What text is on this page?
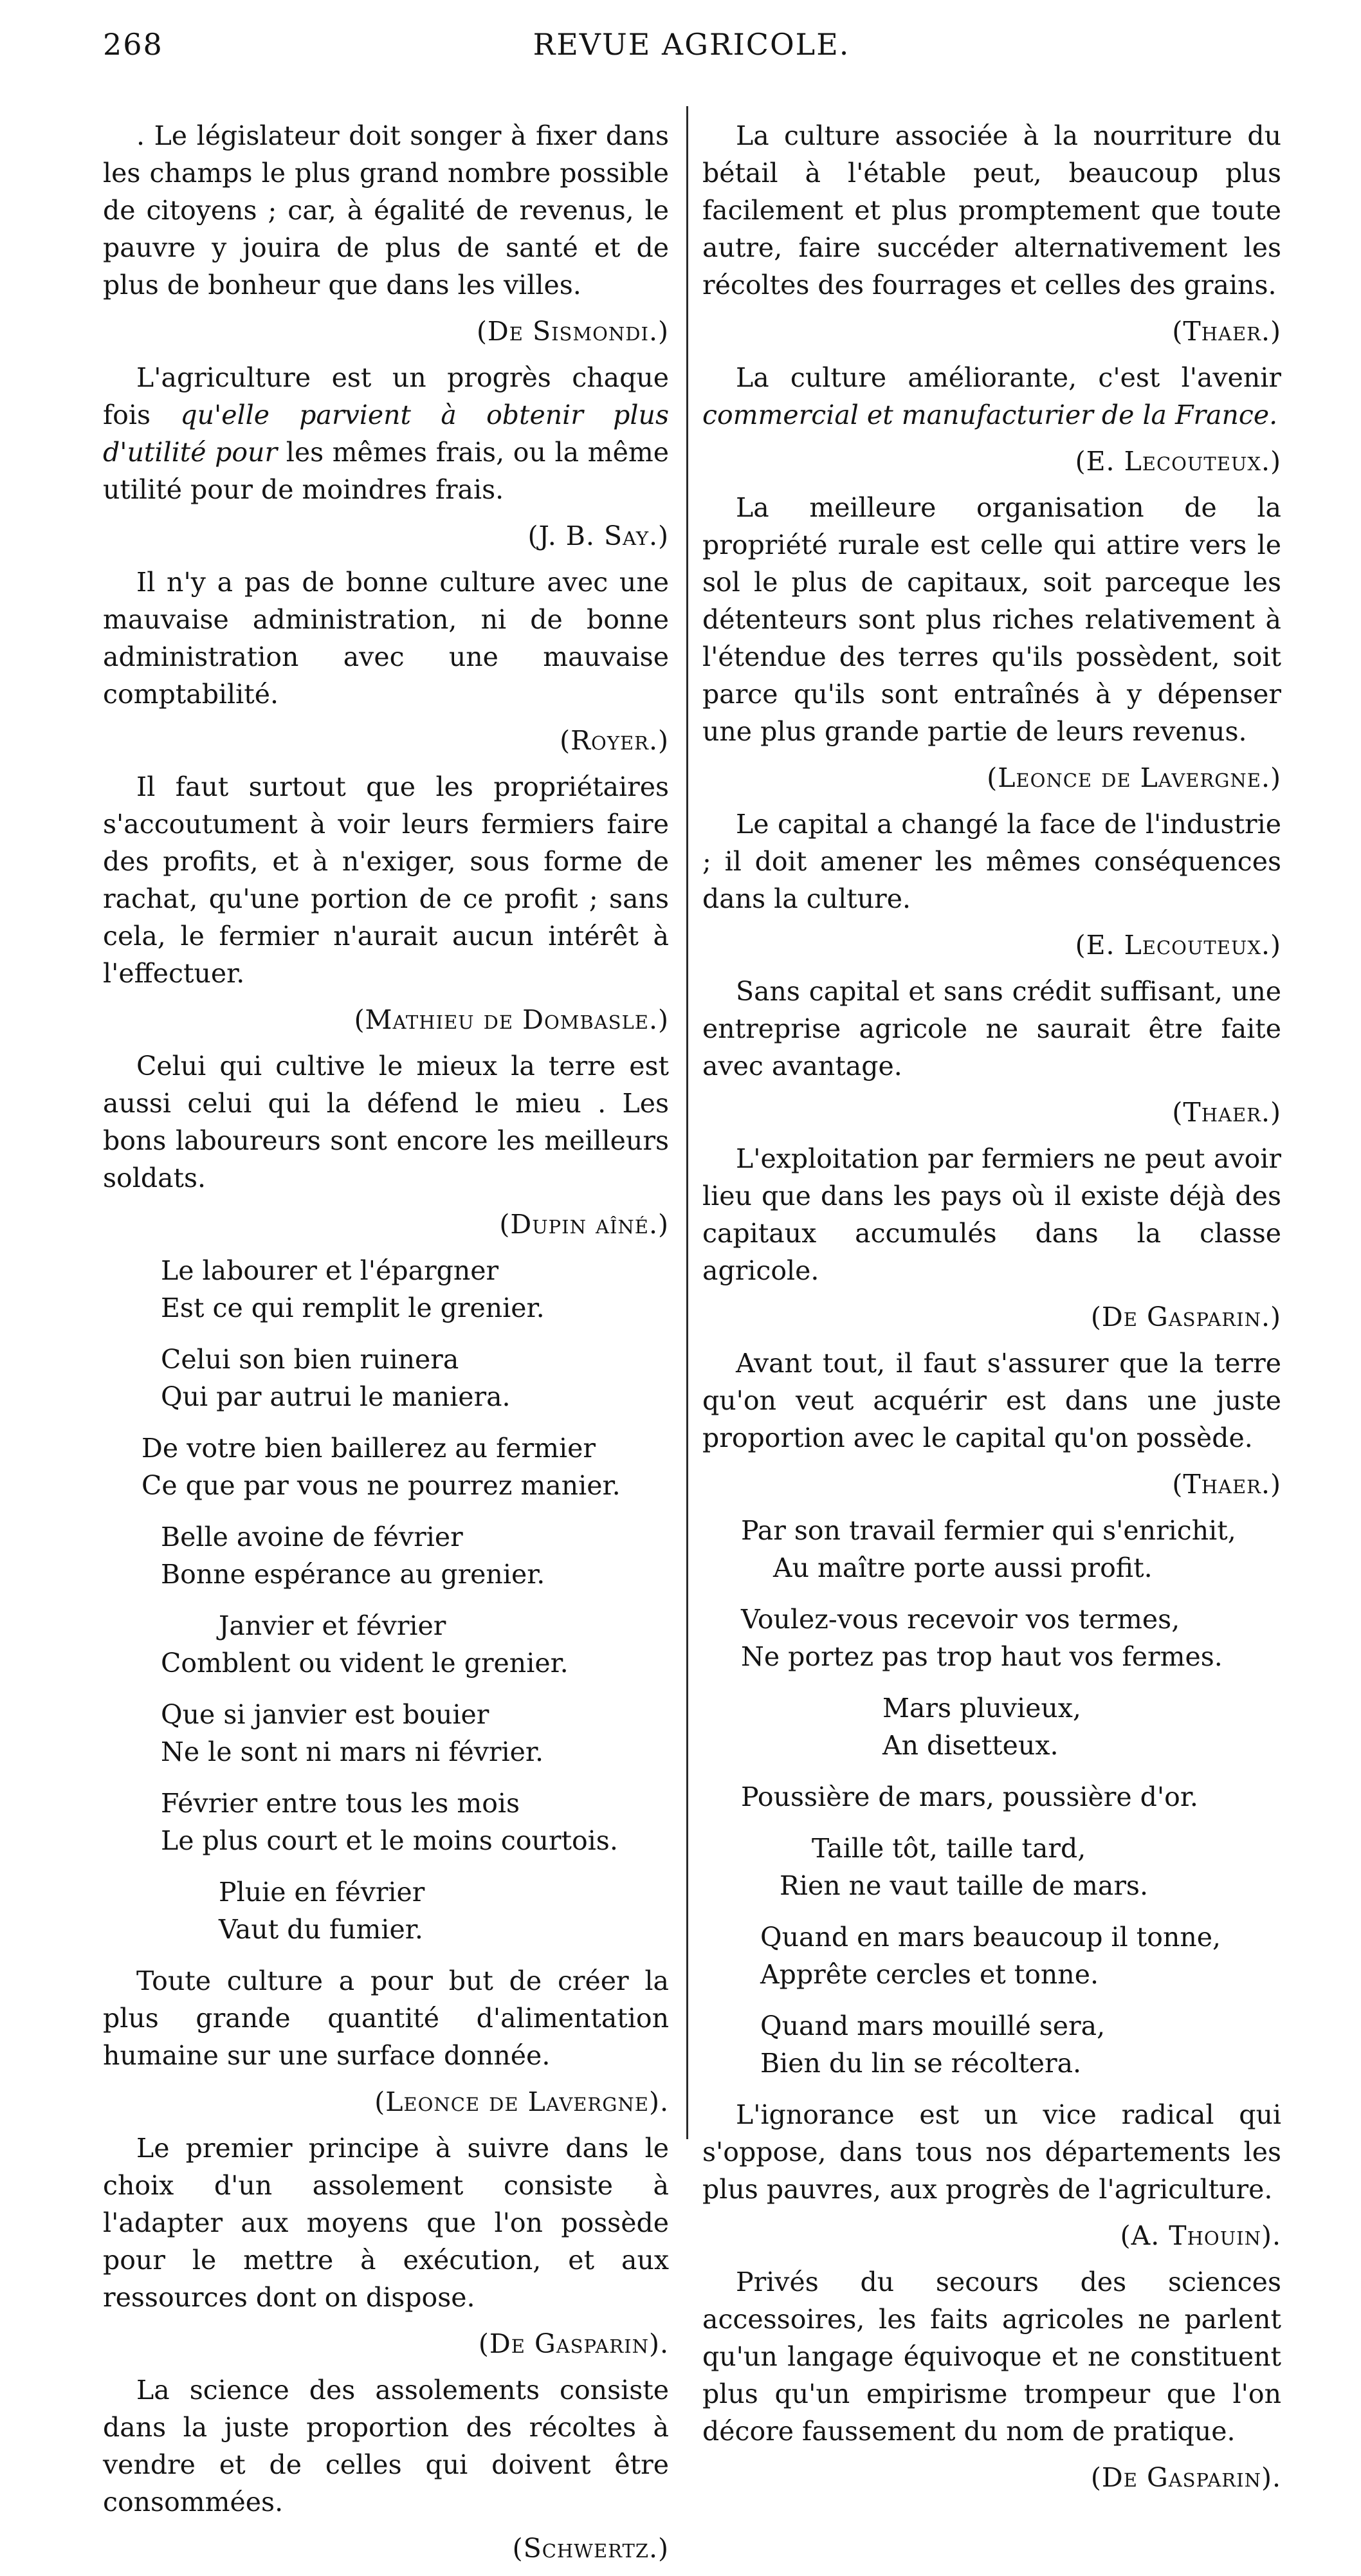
268	REVUE AGRICOLE.

. Le législateur doit songer à fixer dans les champs le plus grand nombre possible de citoyens ; car, à égalité de revenus, le pauvre y jouira de plus de santé et de plus de bonheur que dans les villes.

(De Sismondi.)

L'agriculture est un progrès chaque fois qu'elle parvient à obtenir plus d'utilité pour les mêmes frais, ou la même utilité pour de moindres frais.

(J. B. Say.)

Il n'y a pas de bonne culture avec une mauvaise administration, ni de bonne administration avec une mauvaise comptabilité.

(Royer.)

Il faut surtout que les propriétaires s'accoutument à voir leurs fermiers faire des profits, et à n'exiger, sous forme de rachat, qu'une portion de ce profit ; sans cela, le fermier n'aurait aucun intérêt à l'effectuer.

(Mathieu de Dombasle.)

Celui qui cultive le mieux la terre est aussi celui qui la défend le mieu . Les bons laboureurs sont encore les meilleurs soldats.

(Dupin aîné.)
Le labourer et l'épargner
Est ce qui remplit le grenier.
Celui son bien ruinera
Qui par autrui le maniera.
De votre bien baillerez au fermier
Ce que par vous ne pourrez manier.
Belle avoine de février
Bonne espérance au grenier.
Janvier et février
Comblent ou vident le grenier.
Que si janvier est bouier
Ne le sont ni mars ni février.
Février entre tous les mois
Le plus court et le moins courtois.
Pluie en février
Vaut du fumier.

Toute culture a pour but de créer la plus grande quantité d'alimentation humaine sur une surface donnée.

(Leonce de Lavergne).

Le premier principe à suivre dans le choix d'un assolement consiste à l'adapter aux moyens que l'on possède pour le mettre à exécution, et aux ressources dont on dispose.

(De Gasparin).

La science des assolements consiste dans la juste proportion des récoltes à vendre et de celles qui doivent être consommées.

(Schwertz.)

La culture associée à la nourriture du bétail à l'étable peut, beaucoup plus facilement et plus promptement que toute autre, faire succéder alternativement les récoltes des fourrages et celles des grains.

(Thaer.)

La culture améliorante, c'est l'avenir commercial et manufacturier de la France.

(E. Lecouteux.)

La meilleure organisation de la propriété rurale est celle qui attire vers le sol le plus de capitaux, soit parceque les détenteurs sont plus riches relativement à l'étendue des terres qu'ils possèdent, soit parce qu'ils sont entraînés à y dépenser une plus grande partie de leurs revenus.

(Leonce de Lavergne.)

Le capital a changé la face de l'industrie ; il doit amener les mêmes conséquences dans la culture.

(E. Lecouteux.)

Sans capital et sans crédit suffisant, une entreprise agricole ne saurait être faite avec avantage.

(Thaer.)

L'exploitation par fermiers ne peut avoir lieu que dans les pays où il existe déjà des capitaux accumulés dans la classe agricole.

(De Gasparin.)

Avant tout, il faut s'assurer que la terre qu'on veut acquérir est dans une juste proportion avec le capital qu'on possède.

(Thaer.)
Par son travail fermier qui s'enrichit,
Au maître porte aussi profit.
Voulez-vous recevoir vos termes,
Ne portez pas trop haut vos fermes.
Mars pluvieux,
An disetteux.
Poussière de mars, poussière d'or.
Taille tôt, taille tard,
Rien ne vaut taille de mars.
Quand en mars beaucoup il tonne,
Apprête cercles et tonne.
Quand mars mouillé sera,
Bien du lin se récoltera.

L'ignorance est un vice radical qui s'oppose, dans tous nos départements les plus pauvres, aux progrès de l'agriculture.

(A. Thouin).

Privés du secours des sciences accessoires, les faits agricoles ne parlent qu'un langage équivoque et ne constituent plus qu'un empirisme trompeur que l'on décore faussement du nom de pratique.

(De Gasparin).
